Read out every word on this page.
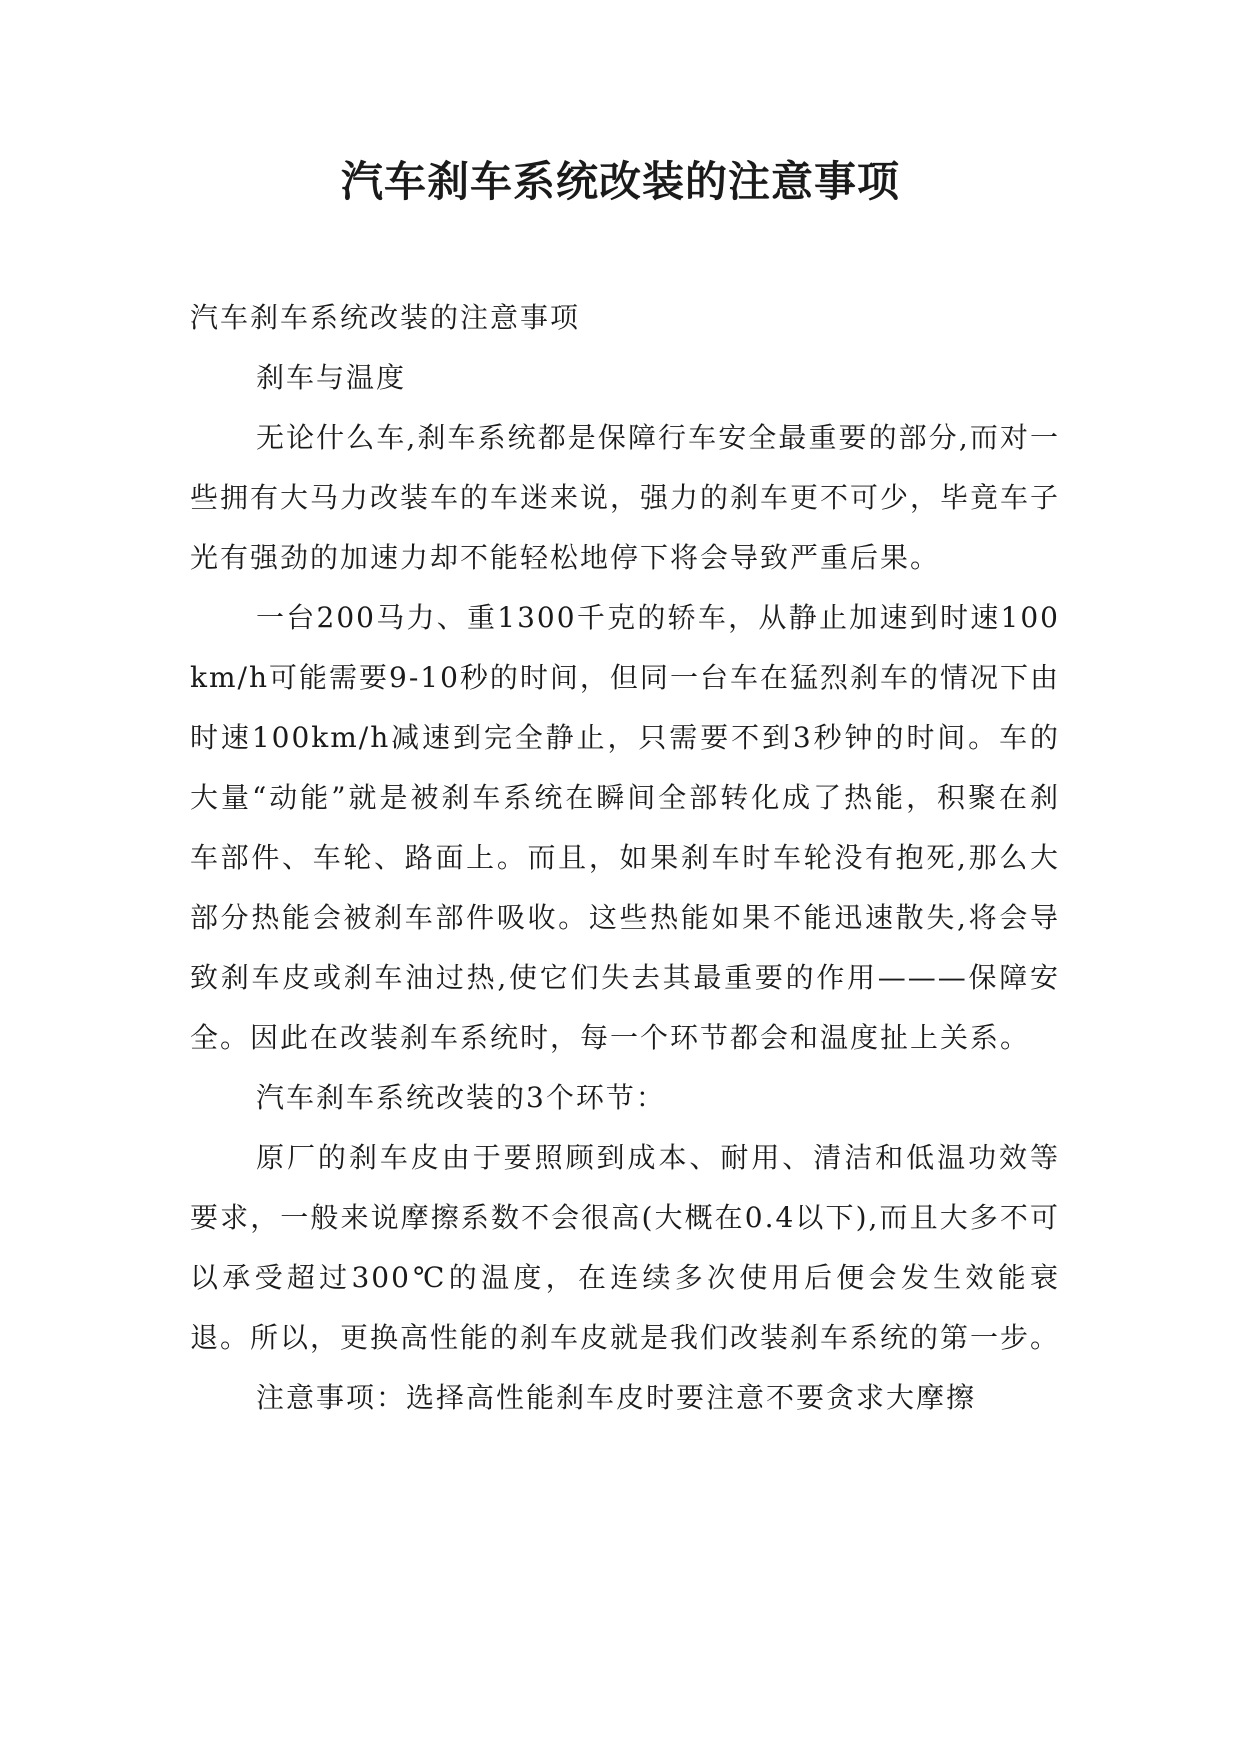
汽车刹车系统改装的注意事项

汽车刹车系统改装的注意事项

刹车与温度

无论什么车,刹车系统都是保障行车安全最重要的部分,而对一些拥有大马力改装车的车迷来说，强力的刹车更不可少，毕竟车子光有强劲的加速力却不能轻松地停下将会导致严重后果。

一台200马力、重1300千克的轿车，从静止加速到时速100km/h可能需要9-10秒的时间，但同一台车在猛烈刹车的情况下由时速100km/h减速到完全静止，只需要不到3秒钟的时间。车的大量“动能”就是被刹车系统在瞬间全部转化成了热能，积聚在刹车部件、车轮、路面上。而且，如果刹车时车轮没有抱死,那么大部分热能会被刹车部件吸收。这些热能如果不能迅速散失,将会导致刹车皮或刹车油过热,使它们失去其最重要的作用———保障安全。因此在改装刹车系统时，每一个环节都会和温度扯上关系。

汽车刹车系统改装的3个环节：

原厂的刹车皮由于要照顾到成本、耐用、清洁和低温功效等要求，一般来说摩擦系数不会很高(大概在0.4以下),而且大多不可以承受超过300℃的温度，在连续多次使用后便会发生效能衰退。所以，更换高性能的刹车皮就是我们改装刹车系统的第一步。

注意事项：选择高性能刹车皮时要注意不要贪求大摩擦
